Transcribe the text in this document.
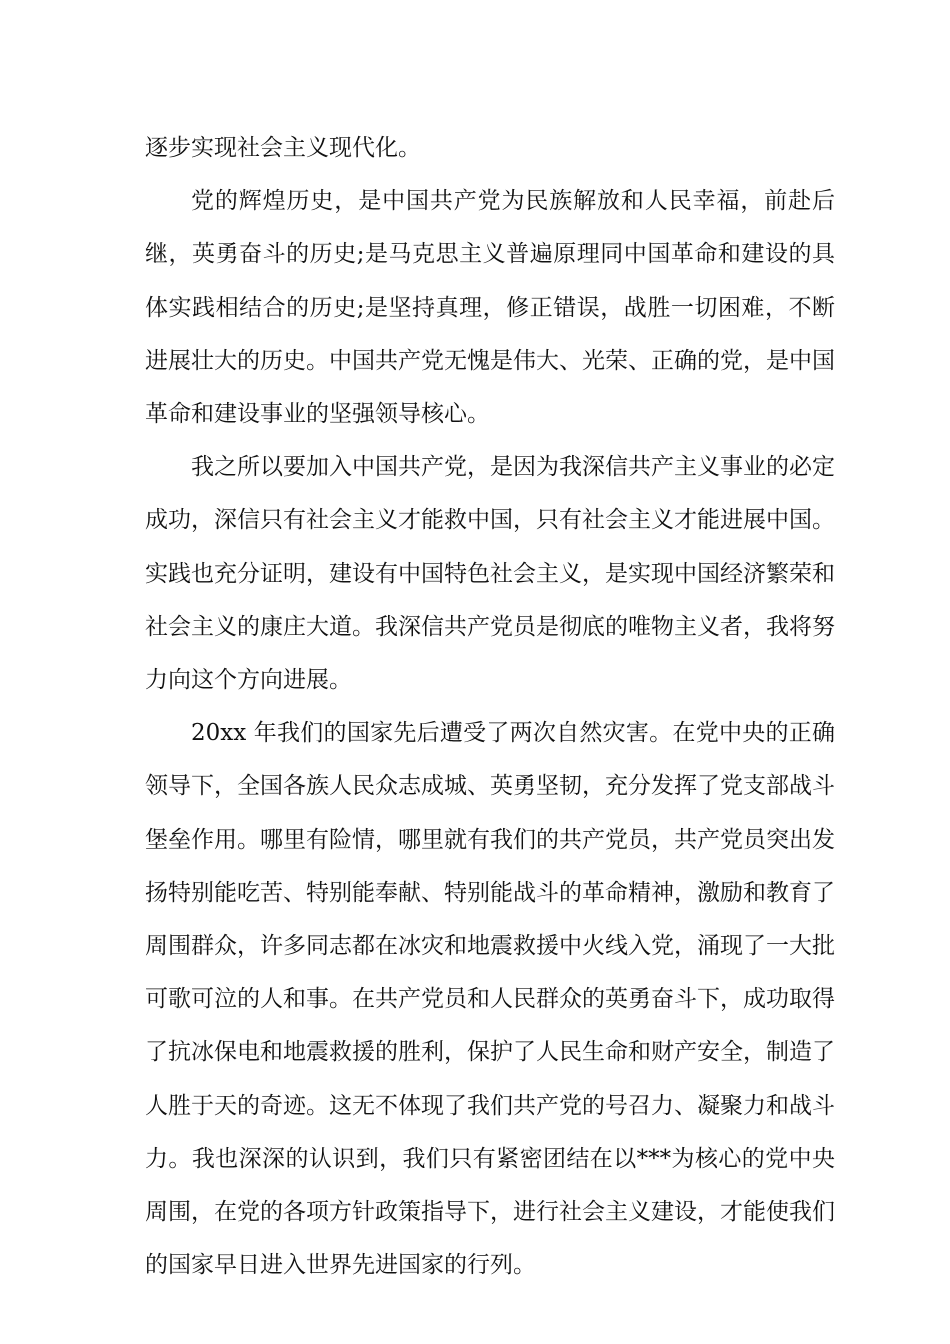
逐步实现社会主义现代化。

党的辉煌历史，是中国共产党为民族解放和人民幸福，前赴后继，英勇奋斗的历史;是马克思主义普遍原理同中国革命和建设的具体实践相结合的历史;是坚持真理，修正错误，战胜一切困难，不断进展壮大的历史。中国共产党无愧是伟大、光荣、正确的党，是中国革命和建设事业的坚强领导核心。

我之所以要加入中国共产党，是因为我深信共产主义事业的必定成功，深信只有社会主义才能救中国，只有社会主义才能进展中国。实践也充分证明，建设有中国特色社会主义，是实现中国经济繁荣和社会主义的康庄大道。我深信共产党员是彻底的唯物主义者，我将努力向这个方向进展。

20xx 年我们的国家先后遭受了两次自然灾害。在党中央的正确领导下，全国各族人民众志成城、英勇坚韧，充分发挥了党支部战斗堡垒作用。哪里有险情，哪里就有我们的共产党员，共产党员突出发扬特别能吃苦、特别能奉献、特别能战斗的革命精神，激励和教育了周围群众，许多同志都在冰灾和地震救援中火线入党，涌现了一大批可歌可泣的人和事。在共产党员和人民群众的英勇奋斗下，成功取得了抗冰保电和地震救援的胜利，保护了人民生命和财产安全，制造了人胜于天的奇迹。这无不体现了我们共产党的号召力、凝聚力和战斗力。我也深深的认识到，我们只有紧密团结在以***为核心的党中央周围，在党的各项方针政策指导下，进行社会主义建设，才能使我们的国家早日进入世界先进国家的行列。
